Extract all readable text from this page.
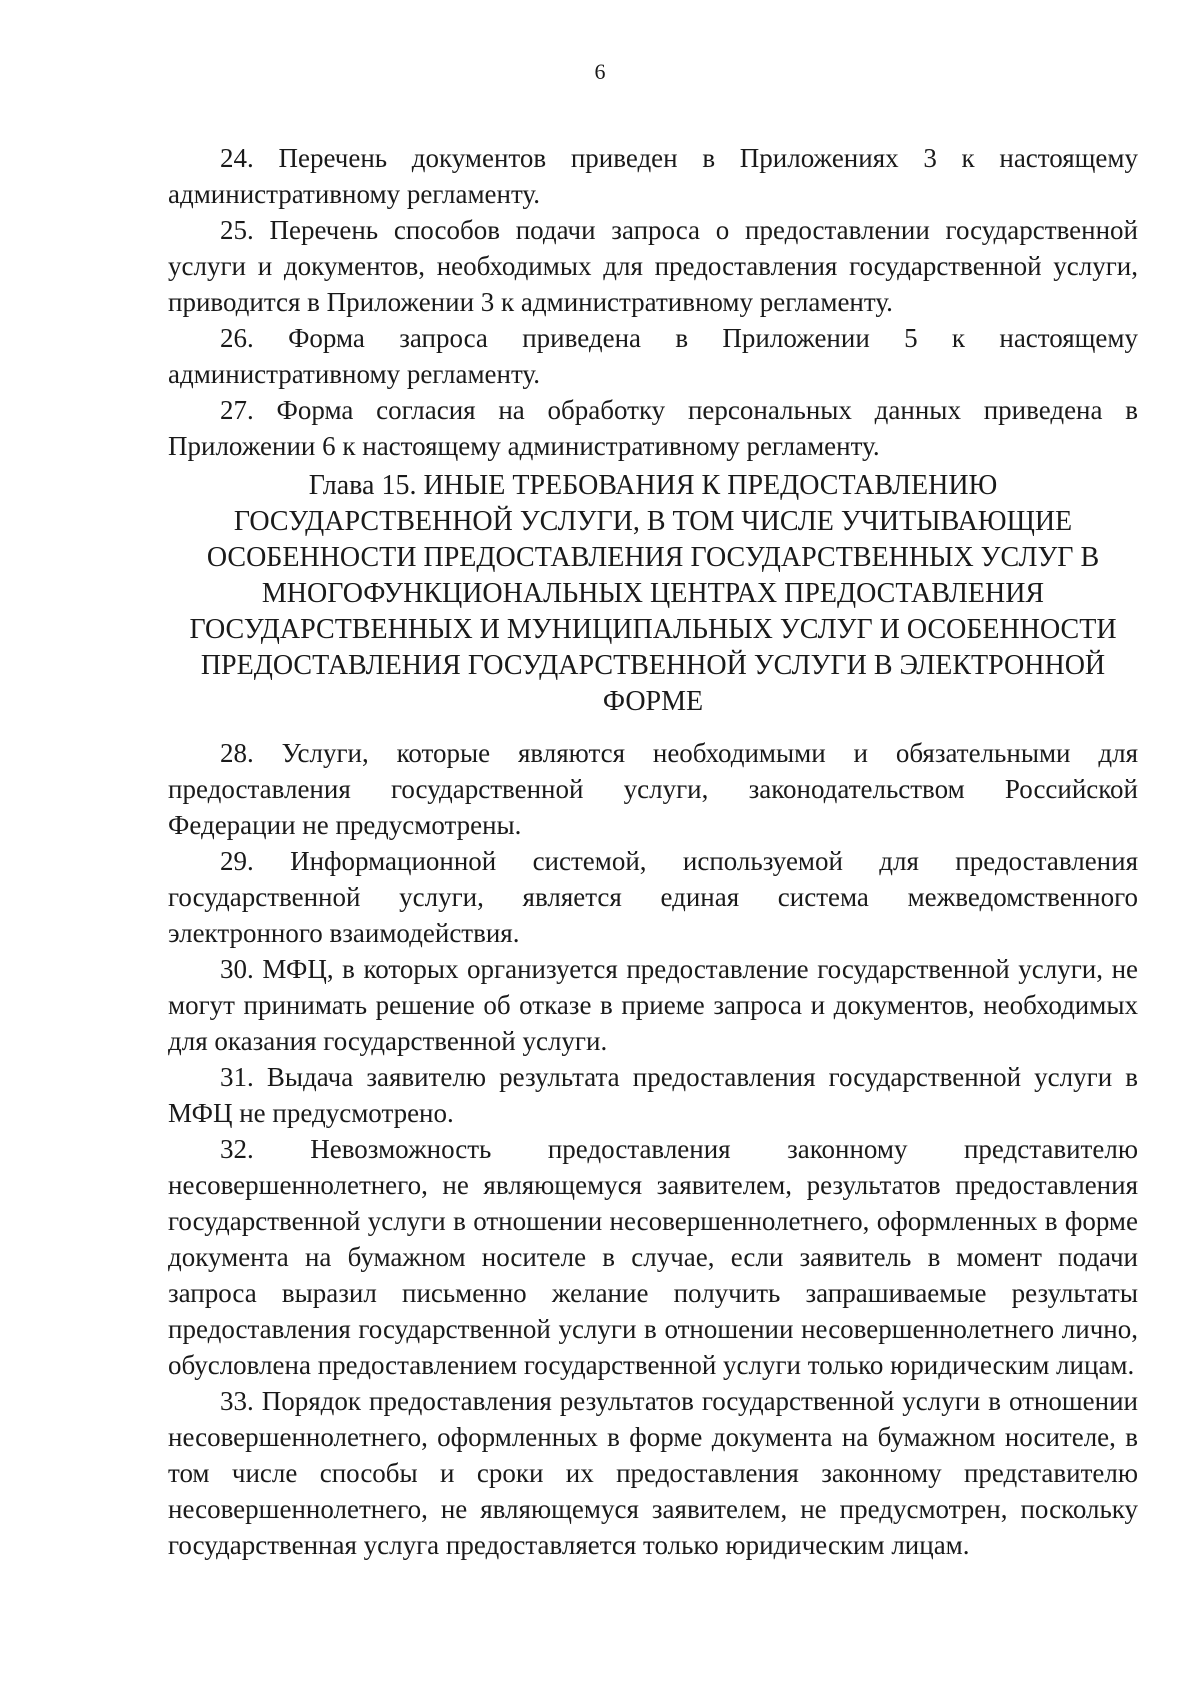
6

24. Перечень документов приведен в Приложениях 3 к настоящему административному регламенту.

25. Перечень способов подачи запроса о предоставлении государственной услуги и документов, необходимых для предоставления государственной услуги, приводится в Приложении 3 к административному регламенту.

26. Форма запроса приведена в Приложении 5 к настоящему административному регламенту.

27. Форма согласия на обработку персональных данных приведена в Приложении 6 к настоящему административному регламенту.

Глава 15. ИНЫЕ ТРЕБОВАНИЯ К ПРЕДОСТАВЛЕНИЮ ГОСУДАРСТВЕННОЙ УСЛУГИ, В ТОМ ЧИСЛЕ УЧИТЫВАЮЩИЕ ОСОБЕННОСТИ ПРЕДОСТАВЛЕНИЯ ГОСУДАРСТВЕННЫХ УСЛУГ В МНОГОФУНКЦИОНАЛЬНЫХ ЦЕНТРАХ ПРЕДОСТАВЛЕНИЯ ГОСУДАРСТВЕННЫХ И МУНИЦИПАЛЬНЫХ УСЛУГ И ОСОБЕННОСТИ ПРЕДОСТАВЛЕНИЯ ГОСУДАРСТВЕННОЙ УСЛУГИ В ЭЛЕКТРОННОЙ ФОРМЕ

28. Услуги, которые являются необходимыми и обязательными для предоставления государственной услуги, законодательством Российской Федерации не предусмотрены.

29. Информационной системой, используемой для предоставления государственной услуги, является единая система межведомственного электронного взаимодействия.

30. МФЦ, в которых организуется предоставление государственной услуги, не могут принимать решение об отказе в приеме запроса и документов, необходимых для оказания государственной услуги.

31. Выдача заявителю результата предоставления государственной услуги в МФЦ не предусмотрено.

32. Невозможность предоставления законному представителю несовершеннолетнего, не являющемуся заявителем, результатов предоставления государственной услуги в отношении несовершеннолетнего, оформленных в форме документа на бумажном носителе в случае, если заявитель в момент подачи запроса выразил письменно желание получить запрашиваемые результаты предоставления государственной услуги в отношении несовершеннолетнего лично, обусловлена предоставлением государственной услуги только юридическим лицам.

33. Порядок предоставления результатов государственной услуги в отношении несовершеннолетнего, оформленных в форме документа на бумажном носителе, в том числе способы и сроки их предоставления законному представителю несовершеннолетнего, не являющемуся заявителем, не предусмотрен, поскольку государственная услуга предоставляется только юридическим лицам.
